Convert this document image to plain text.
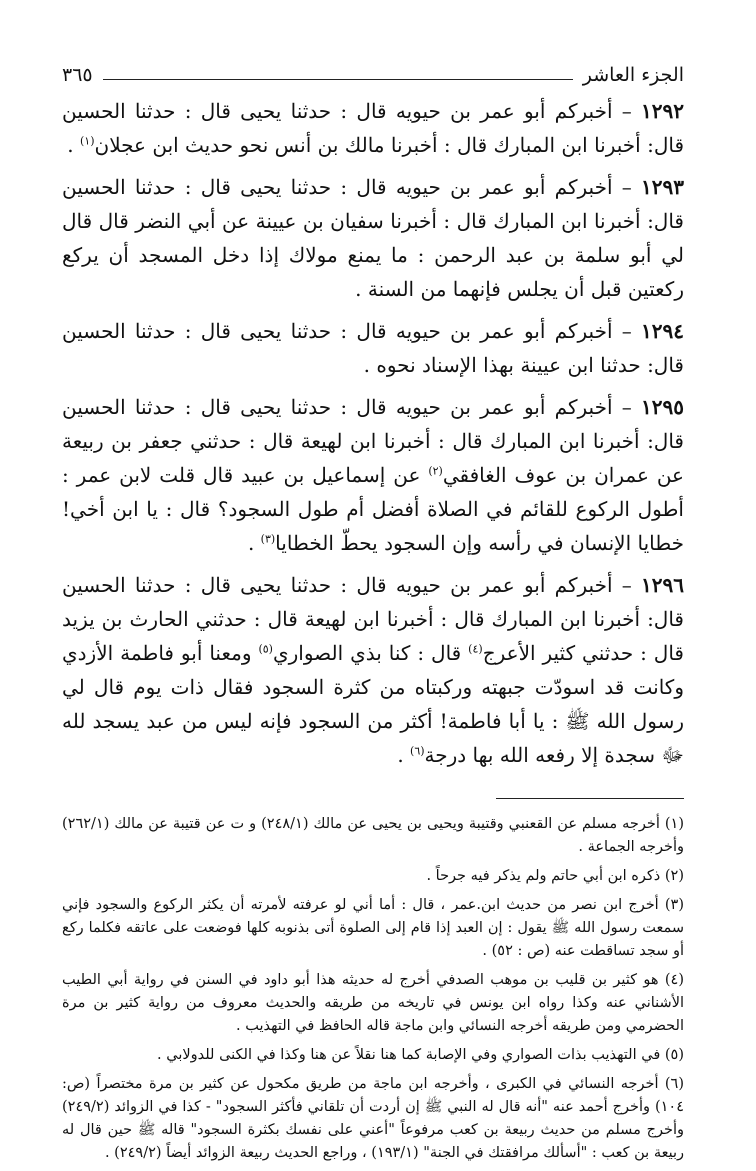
الجزء العاشر
٣٦٥

١٢٩٢ – أخبركم أبو عمر بن حيويه قال : حدثنا يحيى قال : حدثنا الحسين قال: أخبرنا ابن المبارك قال : أخبرنا مالك بن أنس نحو حديث ابن عجلان$^{(١)}$ .

١٢٩٣ – أخبركم أبو عمر بن حيويه قال : حدثنا يحيى قال : حدثنا الحسين قال: أخبرنا ابن المبارك قال : أخبرنا سفيان بن عيينة عن أبي النضر قال قال لي أبو سلمة بن عبد الرحمن : ما يمنع مولاك إذا دخل المسجد أن يركع ركعتين قبل أن يجلس فإنهما من السنة .

١٢٩٤ – أخبركم أبو عمر بن حيويه قال : حدثنا يحيى قال : حدثنا الحسين قال: حدثنا ابن عيينة بهذا الإسناد نحوه .

١٢٩٥ – أخبركم أبو عمر بن حيويه قال : حدثنا يحيى قال : حدثنا الحسين قال: أخبرنا ابن المبارك قال : أخبرنا ابن لهيعة قال : حدثني جعفر بن ربيعة عن عمران بن عوف الغافقي$^{(٢)}$ عن إسماعيل بن عبيد قال قلت لابن عمر : أطول الركوع للقائم في الصلاة أفضل أم طول السجود؟ قال : يا ابن أخي! خطايا الإنسان في رأسه وإن السجود يحطّ الخطايا$^{(٣)}$ .

١٢٩٦ – أخبركم أبو عمر بن حيويه قال : حدثنا يحيى قال : حدثنا الحسين قال: أخبرنا ابن المبارك قال : أخبرنا ابن لهيعة قال : حدثني الحارث بن يزيد قال : حدثني كثير الأعرج$^{(٤)}$ قال : كنا بذي الصواري$^{(٥)}$ ومعنا أبو فاطمة الأزدي وكانت قد اسودّت جبهته وركبتاه من كثرة السجود فقال ذات يوم قال لي رسول الله ﷺ : يا أبا فاطمة! أكثر من السجود فإنه ليس من عبد يسجد لله ﷻ سجدة إلا رفعه الله بها درجة$^{(٦)}$ .

(١) أخرجه مسلم عن القعنبي وقتيبة ويحيى بن يحيى عن مالك (٢٤٨/١) و ت عن قتيبة عن مالك (٢٦٢/١) وأخرجه الجماعة .

(٢) ذكره ابن أبي حاتم ولم يذكر فيه جرحاً .

(٣) أخرج ابن نصر من حديث ابن.عمر ، قال : أما أني لو عرفته لأمرته أن يكثر الركوع والسجود فإني سمعت رسول الله ﷺ يقول : إن العبد إذا قام إلى الصلوة أتى بذنوبه كلها فوضعت على عاتقه فكلما ركع أو سجد تساقطت عنه (ص : ٥٢) .

(٤) هو كثير بن قليب بن موهب الصدفي أخرج له حديثه هذا أبو داود في السنن في رواية أبي الطيب الأشناني عنه وكذا رواه ابن يونس في تاريخه من طريقه والحديث معروف من رواية كثير بن مرة الحضرمي ومن طريقه أخرجه النسائي وابن ماجة قاله الحافظ في التهذيب .

(٥) في التهذيب بذات الصواري وفي الإصابة كما هنا نقلاً عن هنا وكذا في الكنى للدولابي .

(٦) أخرجه النسائي في الكبرى ، وأخرجه ابن ماجة من طريق مكحول عن كثير بن مرة مختصراً (ص: ١٠٤) وأخرج أحمد عنه "أنه قال له النبي ﷺ إن أردت أن تلقاني فأكثر السجود" - كذا في الزوائد (٢٤٩/٢) وأخرج مسلم من حديث ربيعة بن كعب مرفوعاً "أعني على نفسك بكثرة السجود" قاله ﷺ حين قال له ربيعة بن كعب : "أسألك مرافقتك في الجنة" (١٩٣/١) ، وراجع الحديث ربيعة الزوائد أيضاً (٢٤٩/٢) .
